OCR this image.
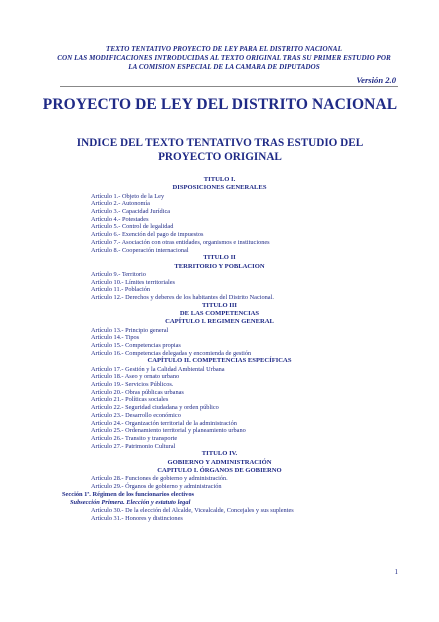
TEXTO TENTATIVO PROYECTO DE LEY PARA EL DISTRITO NACIONAL
CON LAS MODIFICACIONES INTRODUCIDAS AL TEXTO ORIGINAL TRAS SU PRIMER ESTUDIO POR
LA COMISION ESPECIAL DE LA CAMARA DE DIPUTADOS
Versión 2.0
PROYECTO DE LEY DEL DISTRITO NACIONAL
INDICE DEL TEXTO TENTATIVO TRAS ESTUDIO DEL PROYECTO ORIGINAL
TITULO I.
DISPOSICIONES GENERALES
Artículo 1.- Objeto de la Ley
Artículo 2.- Autonomía
Artículo 3.- Capacidad Jurídica
Artículo 4.- Potestades
Artículo 5.- Control de legalidad
Artículo 6.- Exención del pago de impuestos
Artículo 7.- Asociación con otras entidades, organismos e instituciones
Artículo 8.- Cooperación internacional
TITULO II
TERRITORIO Y POBLACION
Artículo 9.- Territorio
Artículo 10.- Límites territoriales
Artículo 11.- Población
Artículo 12.- Derechos y deberes de los habitantes del Distrito Nacional.
TITULO III
DE LAS COMPETENCIAS
CAPÍTULO I. REGIMEN GENERAL
Artículo 13.- Principio general
Artículo 14.- Tipos
Artículo 15.- Competencias propias
Artículo 16.- Competencias delegadas y encomienda de gestión
CAPÍTULO II. COMPETENCIAS ESPECÍFICAS
Artículo 17.- Gestión y la Calidad Ambiental Urbana
Artículo 18.- Aseo y ornato urbano
Artículo 19.- Servicios Públicos.
Artículo 20.- Obras públicas urbanas
Artículo 21.- Políticas sociales
Artículo 22.- Seguridad ciudadana y orden público
Artículo 23.- Desarrollo económico
Artículo 24.- Organización territorial de la administración
Artículo 25.- Ordenamiento territorial y planeamiento urbano
Artículo 26.- Transito y transporte
Artículo 27.- Patrimonio Cultural
TITULO IV.
GOBIERNO Y ADMINISTRACIÓN
CAPITULO I. ÓRGANOS DE GOBIERNO
Artículo 28.- Funciones de gobierno y administración.
Artículo 29.- Órganos de gobierno y administración
Sección 1ª. Régimen de los funcionarios electivos
Subsección Primera. Elección y estatuto legal
Artículo 30.- De la elección del Alcalde, Vicealcalde, Concejales y sus suplentes
Artículo 31.- Honores y distinciones
1
